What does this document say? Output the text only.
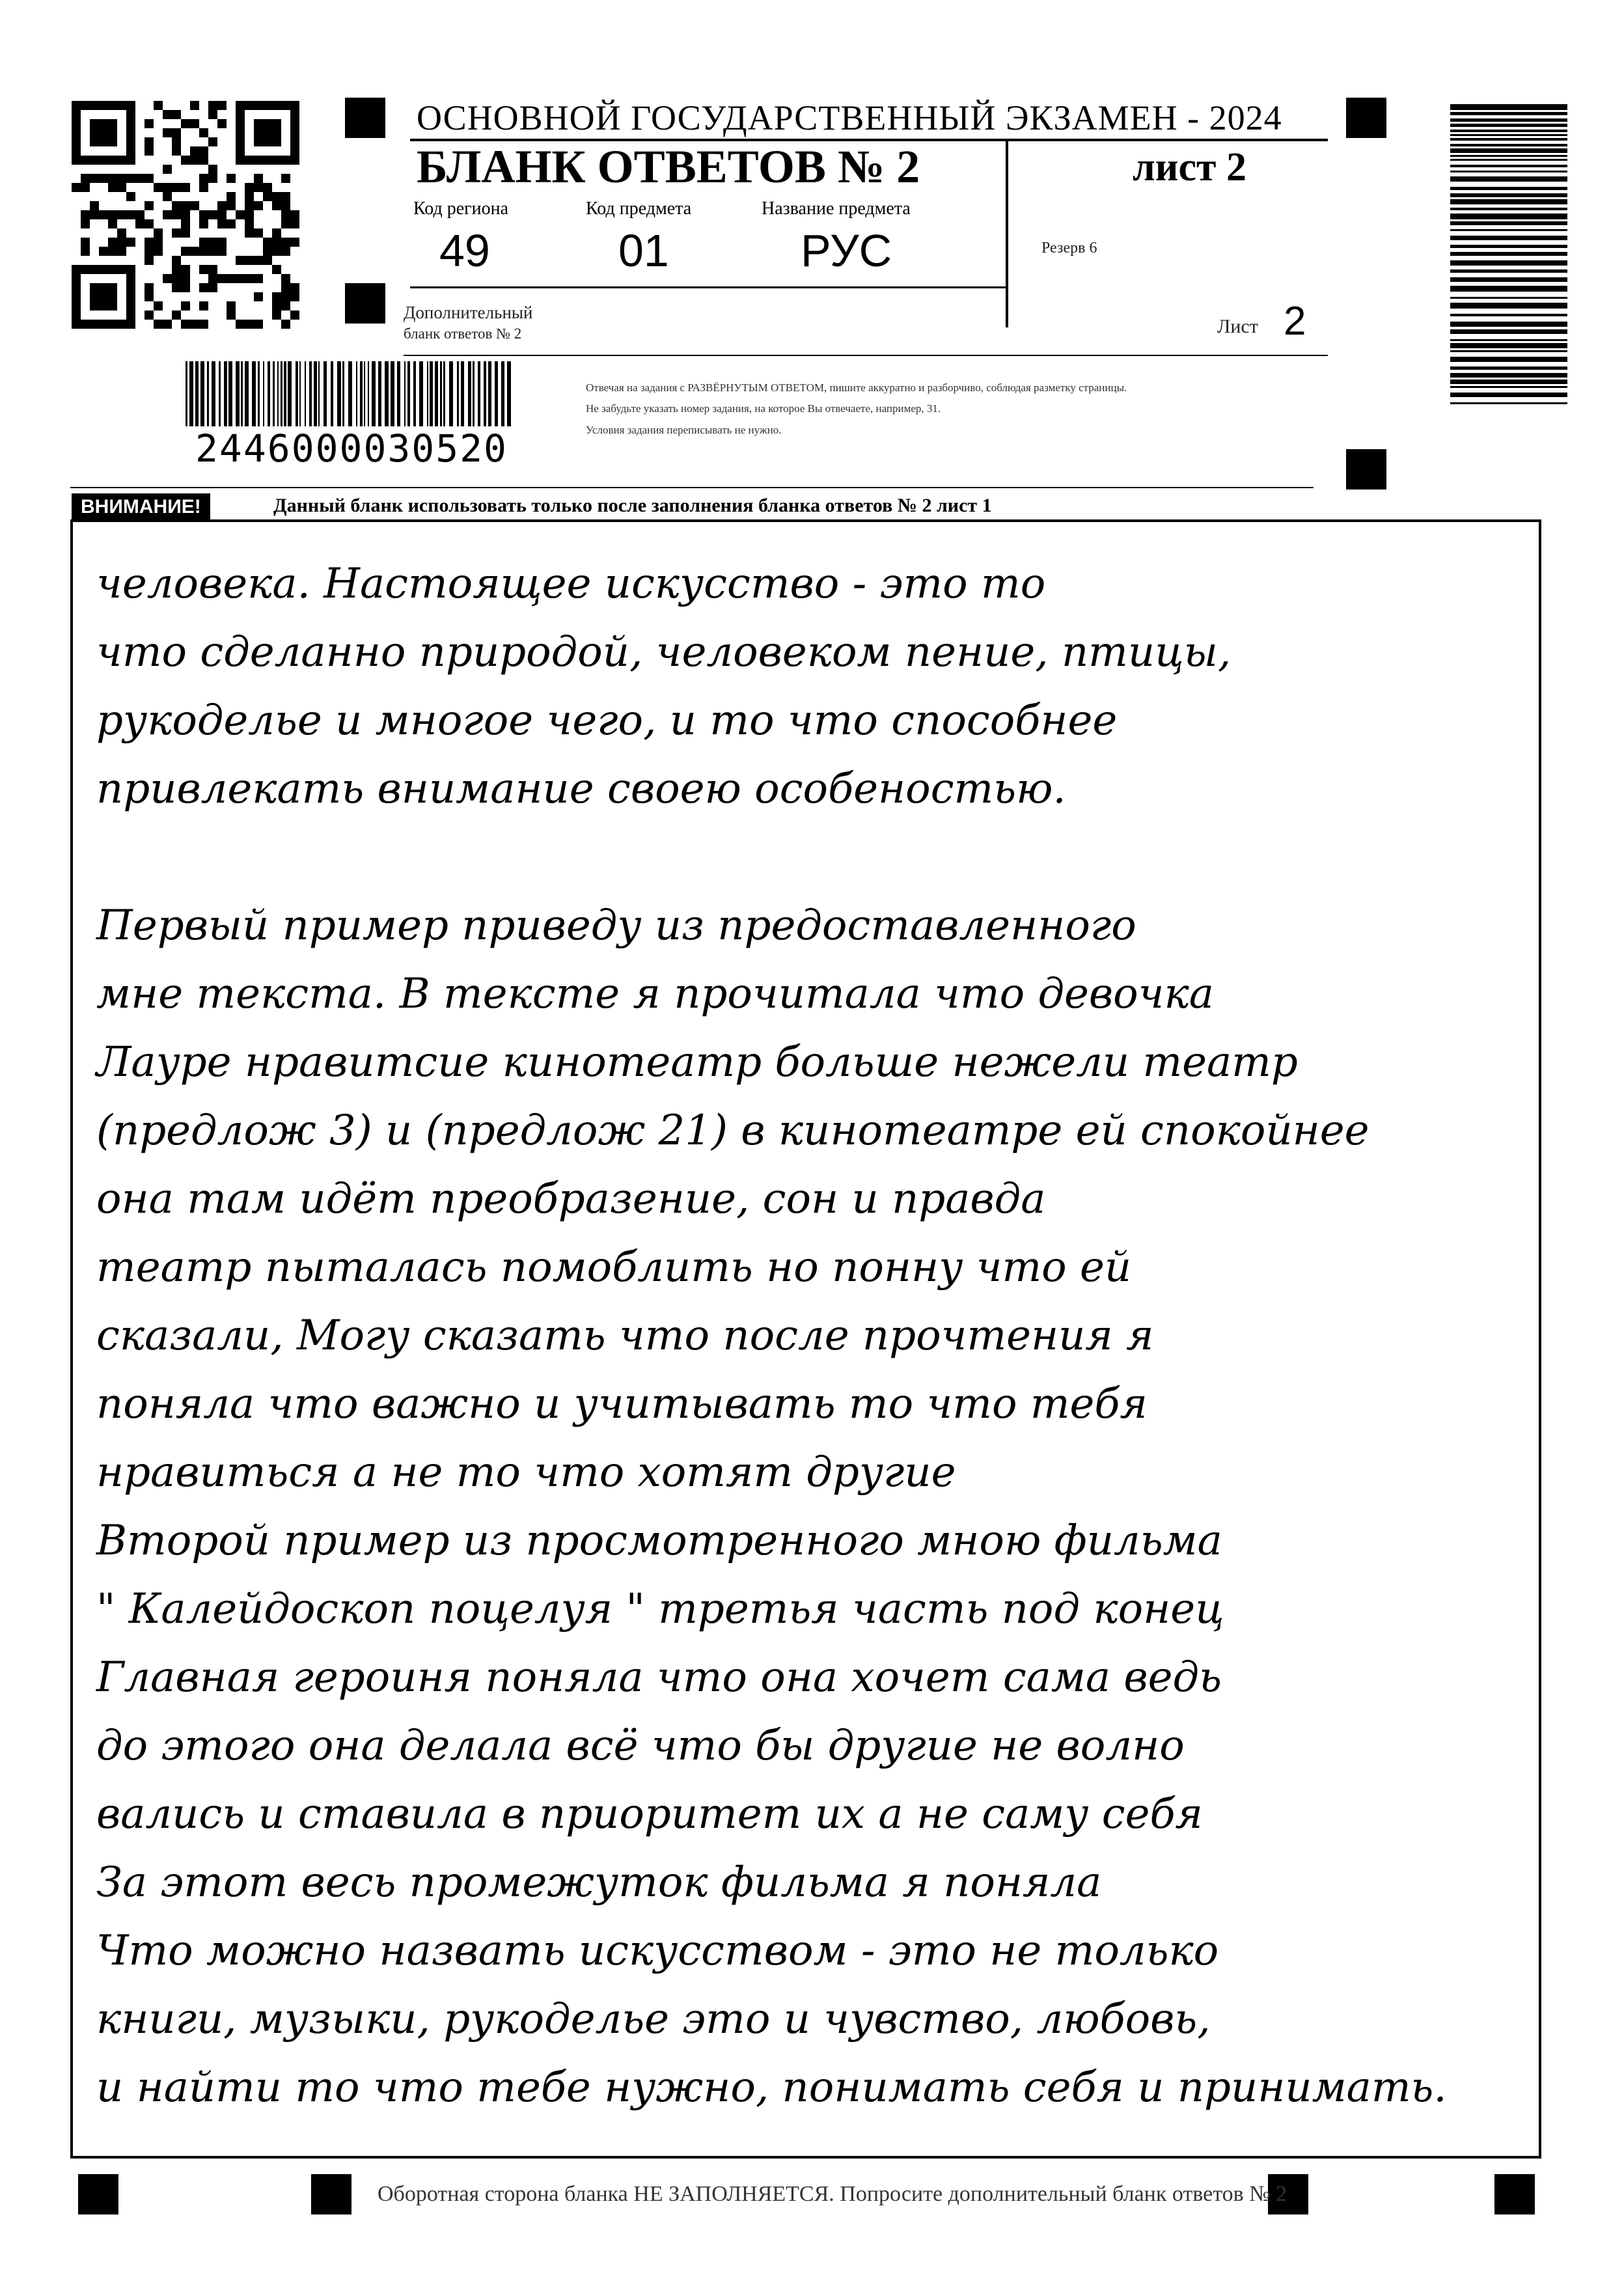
2446000030520
ОСНОВНОЙ ГОСУДАРСТВЕННЫЙ ЭКЗАМЕН - 2024
БЛАНК ОТВЕТОВ № 2	лист 2
Код региона
49
Код предмета
01
Название предмета
РУС	Резерв 6
Дополнительный
бланк ответов № 2	Лист 2
Отвечая на задания с РАЗВЁРНУТЫМ ОТВЕТОМ, пишите аккуратно и разборчиво, соблюдая разметку страницы.
Не забудьте указать номер задания, на которое Вы отвечаете, например, 31.
Условия задания переписывать не нужно.
ВНИМАНИЕ!	Данный бланк использовать только после заполнения бланка ответов № 2 лист 1
человека. Настоящее искусство - это то
что сделанно природой, человеком пение, птицы,
рукоделье и многое чего, и то что способнее
привлекать внимание своею особеностью.
Первый пример приведу из предоставленного
мне текста. В тексте я прочитала что девочка
Лауре нравитсие кинотеатр больше нежели театр
(предлож 3) и (предлож 21) в кинотеатре ей спокойнее
она там идёт преобразение, сон и правда
театр пыталась помоблить но понну что ей
сказали, Могу сказать что после прочтения я
поняла что важно и учитывать то что тебя
нравиться а не то что хотят другие
Второй пример из просмотренного мною фильма
" Калейдоскоп поцелуя " третья часть под конец
Главная героиня поняла что она хочет сама ведь
до этого она делала всё что бы другие не волно
вались и ставила в приоритет их а не саму себя
За этот весь промежуток фильма я поняла
Что можно назвать искусством - это не только
книги, музыки, рукоделье это и чувство, любовь,
и найти то что тебе нужно, понимать себя и принимать.
Оборотная сторона бланка НЕ ЗАПОЛНЯЕТСЯ. Попросите дополнительный бланк ответов № 2
